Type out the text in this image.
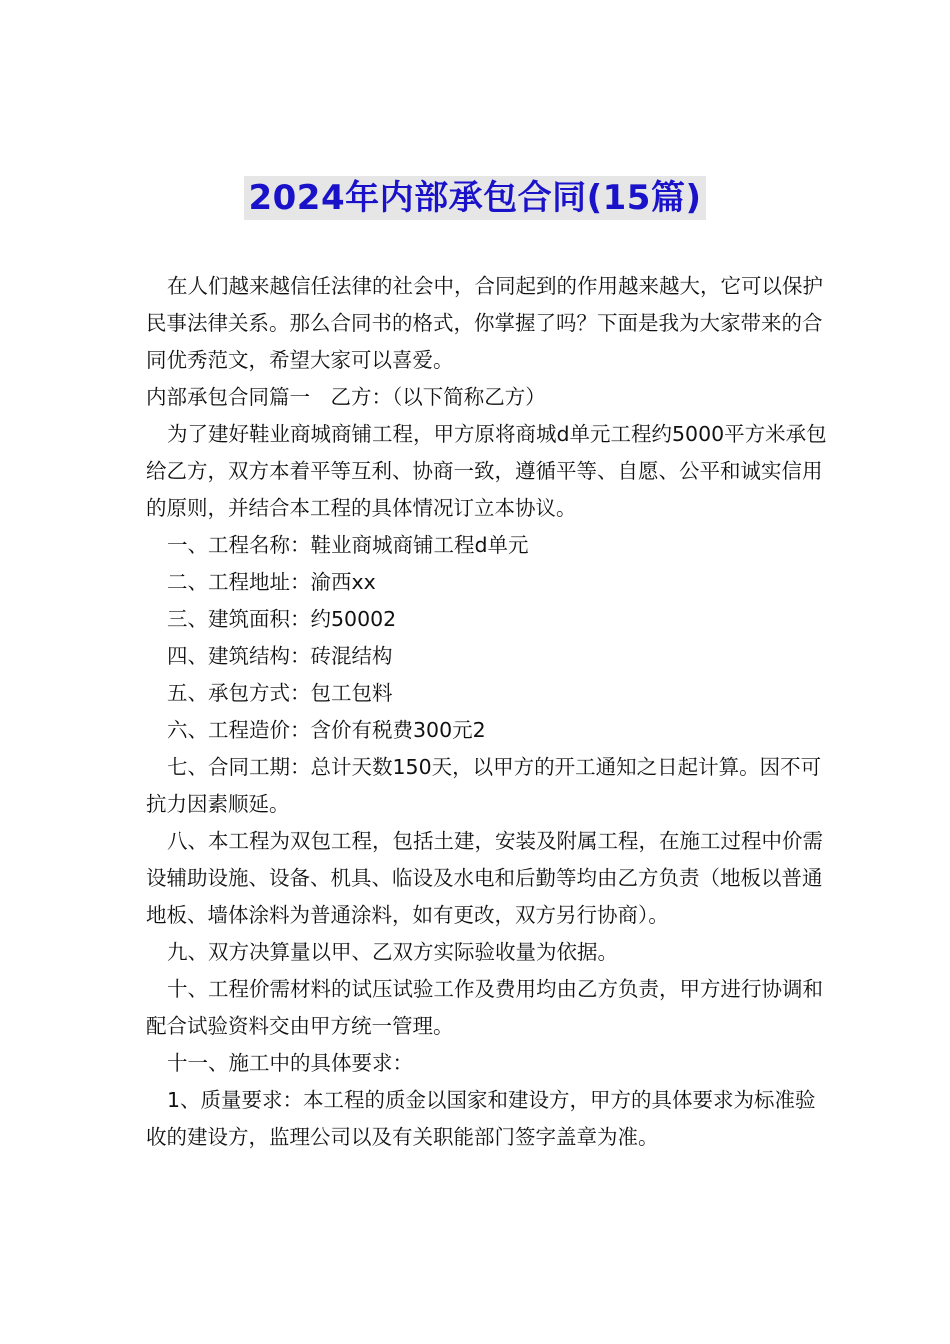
2024年内部承包合同(15篇)

在人们越来越信任法律的社会中，合同起到的作用越来越大，它可以保护民事法律关系。那么合同书的格式，你掌握了吗？下面是我为大家带来的合同优秀范文，希望大家可以喜爱。

内部承包合同篇一　乙方：（以下简称乙方）

为了建好鞋业商城商铺工程，甲方原将商城d单元工程约5000平方米承包给乙方，双方本着平等互利、协商一致，遵循平等、自愿、公平和诚实信用的原则，并结合本工程的具体情况订立本协议。

一、工程名称：鞋业商城商铺工程d单元

二、工程地址：渝西xx

三、建筑面积：约50002

四、建筑结构：砖混结构

五、承包方式：包工包料

六、工程造价：含价有税费300元2

七、合同工期：总计天数150天，以甲方的开工通知之日起计算。因不可抗力因素顺延。

八、本工程为双包工程，包括土建，安装及附属工程，在施工过程中价需设辅助设施、设备、机具、临设及水电和后勤等均由乙方负责（地板以普通地板、墙体涂料为普通涂料，如有更改，双方另行协商）。

九、双方决算量以甲、乙双方实际验收量为依据。

十、工程价需材料的试压试验工作及费用均由乙方负责，甲方进行协调和配合试验资料交由甲方统一管理。

十一、施工中的具体要求：

1、质量要求：本工程的质金以国家和建设方，甲方的具体要求为标准验收的建设方，监理公司以及有关职能部门签字盖章为准。
